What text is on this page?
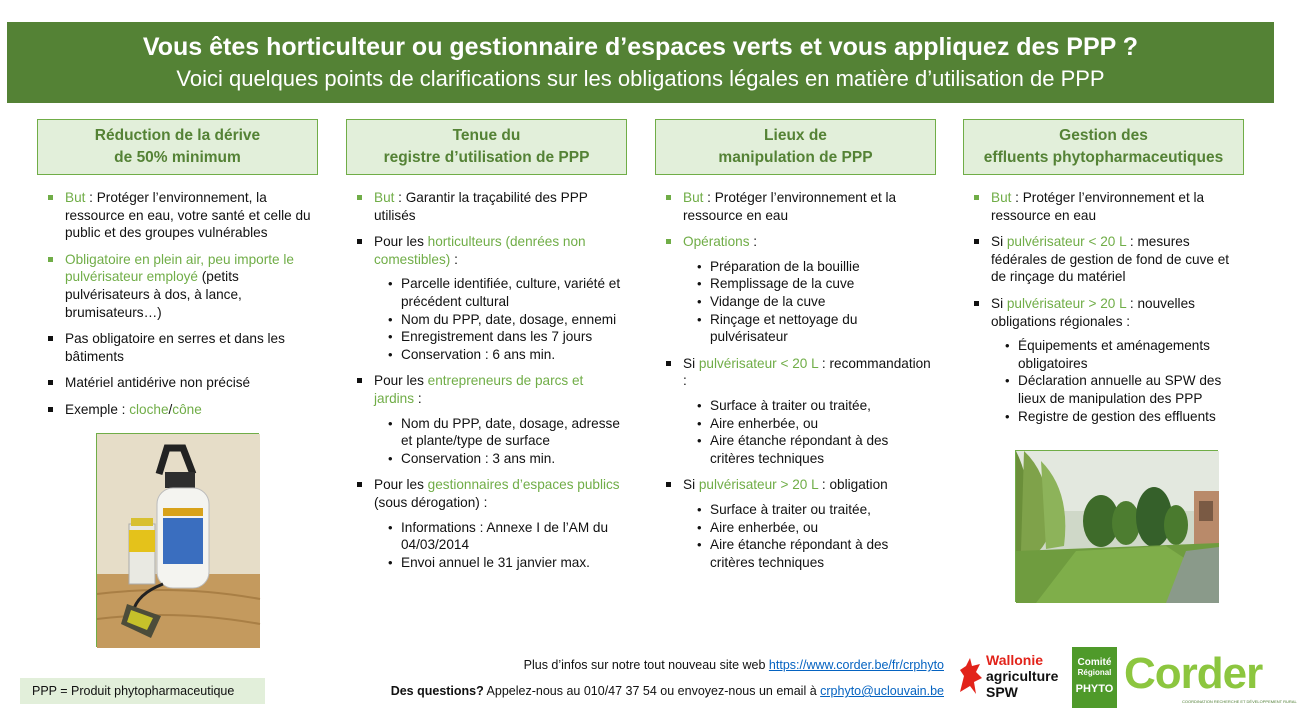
Vous êtes horticulteur ou gestionnaire d’espaces verts et vous appliquez des PPP ?
Voici quelques points de clarifications sur les obligations légales en matière d’utilisation de PPP
Réduction de la dérive
de 50% minimum
But : Protéger l’environnement, la ressource en eau, votre santé et celle du public et des groupes vulnérables
Obligatoire en plein air, peu importe le pulvérisateur employé (petits pulvérisateurs à dos, à lance, brumisateurs…)
Pas obligatoire en serres et dans les bâtiments
Matériel antidérive non précisé
Exemple : cloche/cône
Tenue du
registre d’utilisation de PPP
But : Garantir la traçabilité des PPP utilisés
Pour les horticulteurs (denrées non comestibles) :
• Parcelle identifiée, culture, variété et précédent cultural
• Nom du PPP, date, dosage, ennemi
• Enregistrement dans les 7 jours
• Conservation : 6 ans min.
Pour les entrepreneurs de parcs et jardins :
• Nom du PPP, date, dosage, adresse et plante/type de surface
• Conservation : 3 ans min.
Pour les gestionnaires d’espaces publics (sous dérogation) :
• Informations : Annexe I de l’AM du 04/03/2014
• Envoi annuel le 31 janvier max.
Lieux de
manipulation de PPP
But : Protéger l’environnement et la ressource en eau
Opérations :
• Préparation de la bouillie
• Remplissage de la cuve
• Vidange de la cuve
• Rinçage et nettoyage du pulvérisateur
Si pulvérisateur < 20 L : recommandation :
• Surface à traiter ou traitée,
• Aire enherbée, ou
• Aire étanche répondant à des critères techniques
Si pulvérisateur > 20 L : obligation
• Surface à traiter ou traitée,
• Aire enherbée, ou
• Aire étanche répondant à des critères techniques
Gestion des
effluents phytopharmaceutiques
But : Protéger l’environnement et la ressource en eau
Si pulvérisateur < 20 L : mesures fédérales de gestion de fond de cuve et de rinçage du matériel
Si pulvérisateur > 20 L : nouvelles obligations régionales :
• Équipements et aménagements obligatoires
• Déclaration annuelle au SPW des lieux de manipulation des PPP
• Registre de gestion des effluents
PPP = Produit phytopharmaceutique
Plus d’infos sur notre tout nouveau site web https://www.corder.be/fr/crphyto
Des questions? Appelez-nous au 010/47 37 54 ou envoyez-nous un email à crphyto@uclouvain.be
Wallonie
agriculture
SPW
Comité
Régional
PHYTO Corder
COORDINATION RECHERCHE ET DÉVELOPPEMENT RURAL
